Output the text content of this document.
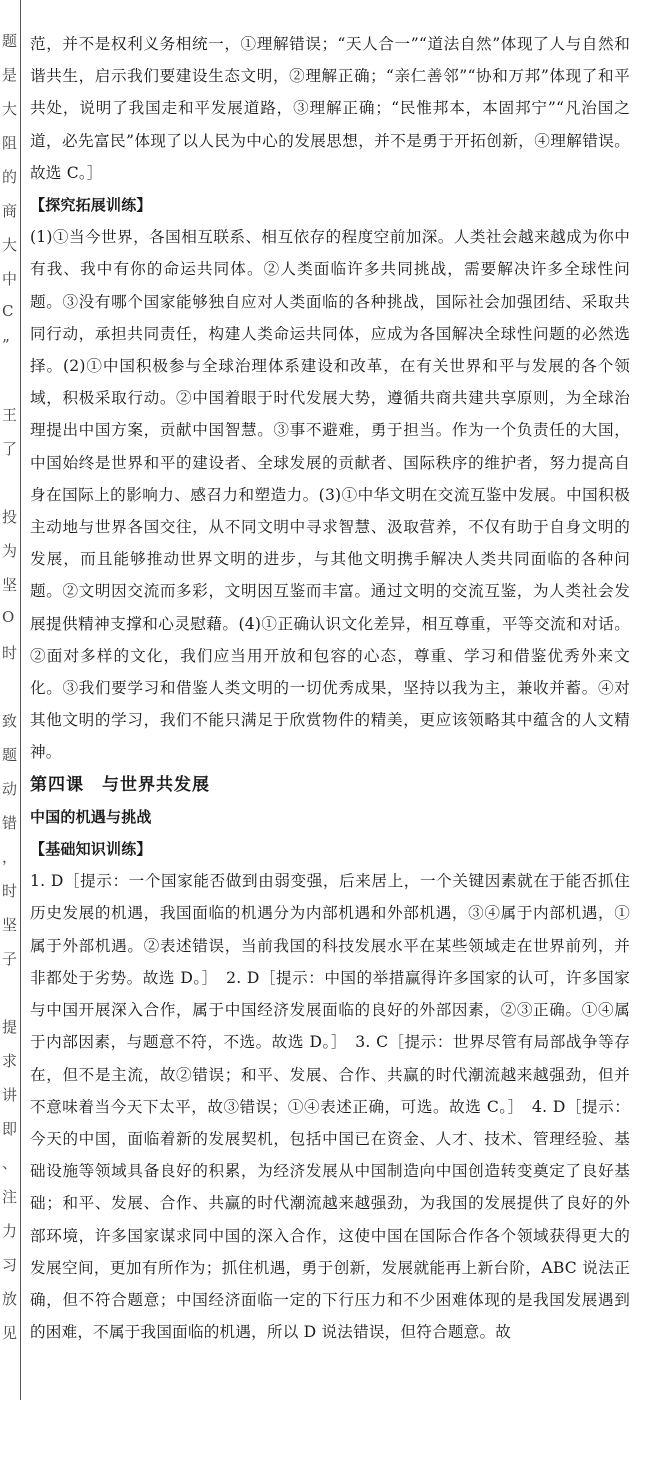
题
是
大
阻
的
商
大
中
C
”
王
了
投
为
坚
O
时
致
题
动
错
，
时
坚
子
提
求
讲
即
、
注
力
习
放
见

范，并不是权利义务相统一，①理解错误；“天人合一”“道法自然”体现了人与自然和谐共生，启示我们要建设生态文明，②理解正确；“亲仁善邻”“协和万邦”体现了和平共处，说明了我国走和平发展道路，③理解正确；“民惟邦本，本固邦宁”“凡治国之道，必先富民”体现了以人民为中心的发展思想，并不是勇于开拓创新，④理解错误。故选 C。］

【探究拓展训练】

(1)①当今世界，各国相互联系、相互依存的程度空前加深。人类社会越来越成为你中有我、我中有你的命运共同体。②人类面临许多共同挑战，需要解决许多全球性问题。③没有哪个国家能够独自应对人类面临的各种挑战，国际社会加强团结、采取共同行动，承担共同责任，构建人类命运共同体，应成为各国解决全球性问题的必然选择。(2)①中国积极参与全球治理体系建设和改革，在有关世界和平与发展的各个领域，积极采取行动。②中国着眼于时代发展大势，遵循共商共建共享原则，为全球治理提出中国方案，贡献中国智慧。③事不避难，勇于担当。作为一个负责任的大国，中国始终是世界和平的建设者、全球发展的贡献者、国际秩序的维护者，努力提高自身在国际上的影响力、感召力和塑造力。(3)①中华文明在交流互鉴中发展。中国积极主动地与世界各国交往，从不同文明中寻求智慧、汲取营养，不仅有助于自身文明的发展，而且能够推动世界文明的进步，与其他文明携手解决人类共同面临的各种问题。②文明因交流而多彩，文明因互鉴而丰富。通过文明的交流互鉴，为人类社会发展提供精神支撑和心灵慰藉。(4)①正确认识文化差异，相互尊重，平等交流和对话。②面对多样的文化，我们应当用开放和包容的心态，尊重、学习和借鉴优秀外来文化。③我们要学习和借鉴人类文明的一切优秀成果，坚持以我为主，兼收并蓄。④对其他文明的学习，我们不能只满足于欣赏物件的精美，更应该领略其中蕴含的人文精神。

第四课　与世界共发展

中国的机遇与挑战

【基础知识训练】

1. D［提示：一个国家能否做到由弱变强，后来居上，一个关键因素就在于能否抓住历史发展的机遇，我国面临的机遇分为内部机遇和外部机遇，③④属于内部机遇，①属于外部机遇。②表述错误，当前我国的科技发展水平在某些领域走在世界前列，并非都处于劣势。故选 D。］　2. D［提示：中国的举措赢得许多国家的认可，许多国家与中国开展深入合作，属于中国经济发展面临的良好的外部因素，②③正确。①④属于内部因素，与题意不符，不选。故选 D。］　3. C［提示：世界尽管有局部战争等存在，但不是主流，故②错误；和平、发展、合作、共赢的时代潮流越来越强劲，但并不意味着当今天下太平，故③错误；①④表述正确，可选。故选 C。］　4. D［提示：今天的中国，面临着新的发展契机，包括中国已在资金、人才、技术、管理经验、基础设施等领域具备良好的积累，为经济发展从中国制造向中国创造转变奠定了良好基础；和平、发展、合作、共赢的时代潮流越来越强劲，为我国的发展提供了良好的外部环境，许多国家谋求同中国的深入合作，这使中国在国际合作各个领域获得更大的发展空间，更加有所作为；抓住机遇，勇于创新，发展就能再上新台阶，ABC 说法正确，但不符合题意；中国经济面临一定的下行压力和不少困难体现的是我国发展遇到的困难，不属于我国面临的机遇，所以 D 说法错误，但符合题意。故
